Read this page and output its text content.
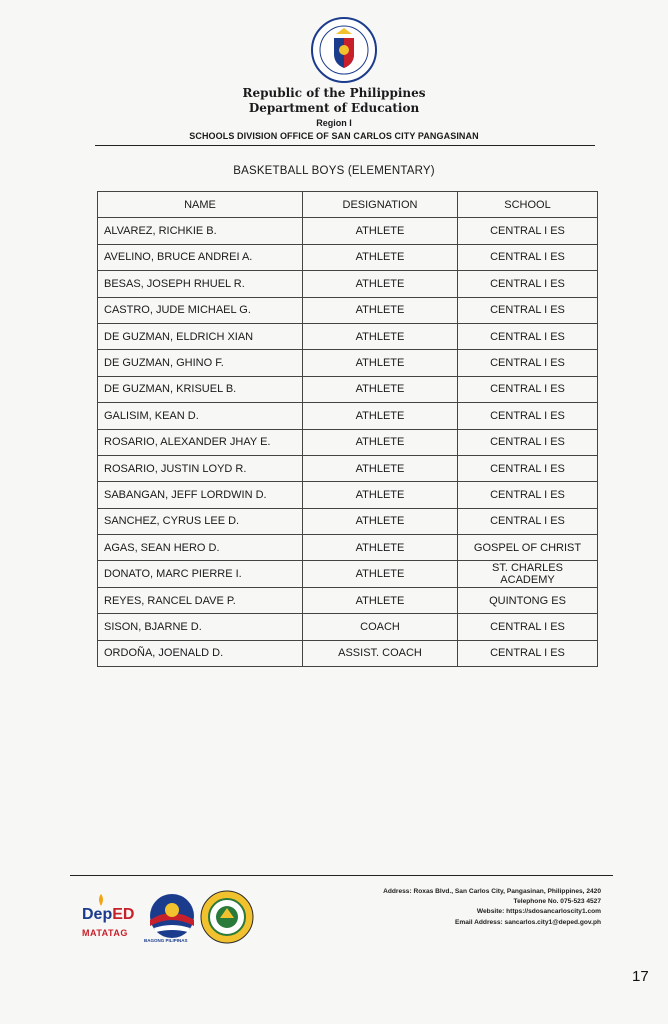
Republic of the Philippines
Department of Education
Region I
SCHOOLS DIVISION OFFICE OF SAN CARLOS CITY PANGASINAN
BASKETBALL BOYS (ELEMENTARY)
NAME	DESIGNATION	SCHOOL
ALVAREZ, RICHKIE B.	ATHLETE	CENTRAL I ES
AVELINO, BRUCE ANDREI A.	ATHLETE	CENTRAL I ES
BESAS, JOSEPH RHUEL R.	ATHLETE	CENTRAL I ES
CASTRO, JUDE MICHAEL G.	ATHLETE	CENTRAL I ES
DE GUZMAN, ELDRICH XIAN	ATHLETE	CENTRAL I ES
DE GUZMAN, GHINO F.	ATHLETE	CENTRAL I ES
DE GUZMAN, KRISUEL B.	ATHLETE	CENTRAL I ES
GALISIM, KEAN D.	ATHLETE	CENTRAL I ES
ROSARIO, ALEXANDER JHAY E.	ATHLETE	CENTRAL I ES
ROSARIO, JUSTIN LOYD R.	ATHLETE	CENTRAL I ES
SABANGAN, JEFF LORDWIN D.	ATHLETE	CENTRAL I ES
SANCHEZ, CYRUS LEE D.	ATHLETE	CENTRAL I ES
AGAS, SEAN HERO D.	ATHLETE	GOSPEL OF CHRIST
DONATO, MARC PIERRE I.	ATHLETE	ST. CHARLES ACADEMY
REYES, RANCEL DAVE P.	ATHLETE	QUINTONG ES
SISON, BJARNE D.	COACH	CENTRAL I ES
ORDOÑA, JOENALD D.	ASSIST. COACH	CENTRAL I ES
DepED
MATATAG
BAGONG PILIPINAS
Address: Roxas Blvd., San Carlos City, Pangasinan, Philippines, 2420
Telephone No. 075-523 4527
Website: https://sdosancarloscity1.com
Email Address: sancarlos.city1@deped.gov.ph
17
